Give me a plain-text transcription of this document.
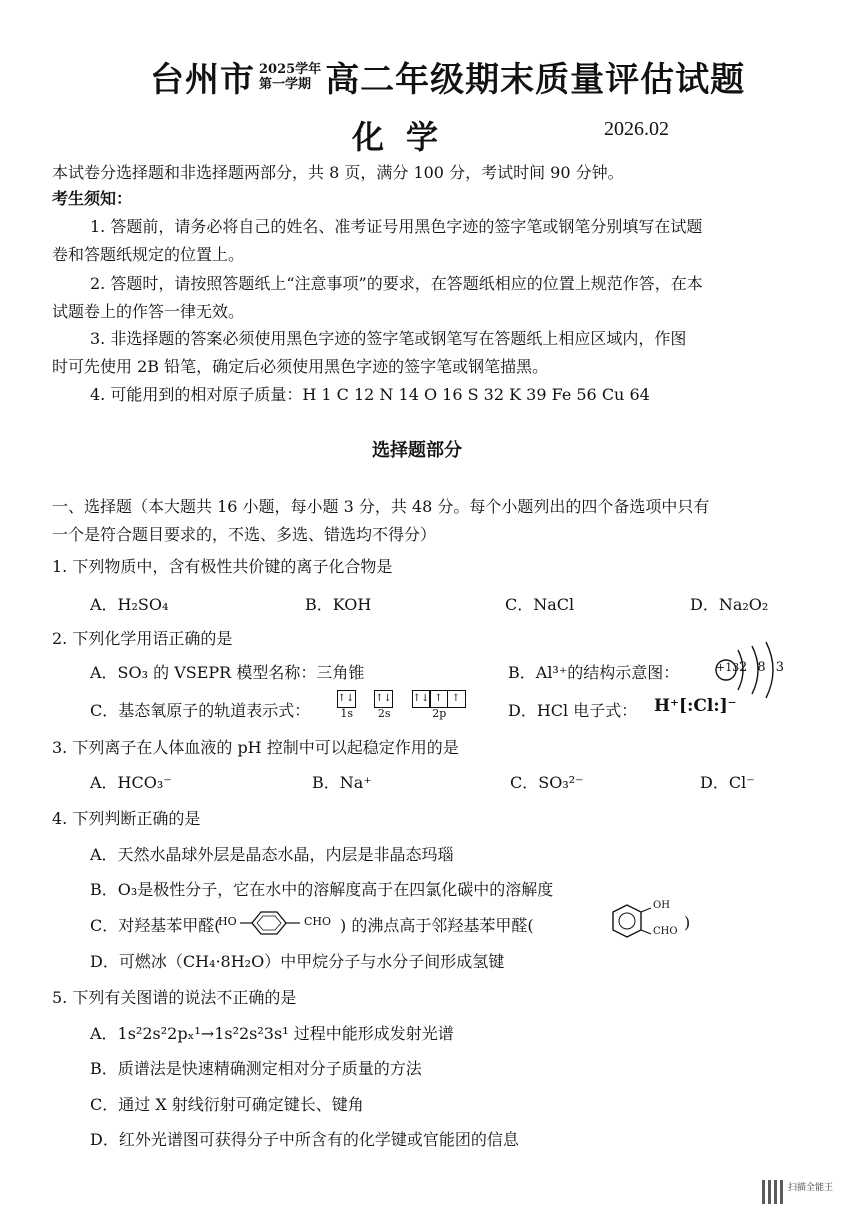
台州市 2025学年
第一学期 高二年级期末质量评估试题
化学	2026.02
本试卷分选择题和非选择题两部分，共 8 页，满分 100 分，考试时间 90 分钟。
考生须知：
1. 答题前，请务必将自己的姓名、准考证号用黑色字迹的签字笔或钢笔分别填写在试题
卷和答题纸规定的位置上。
2. 答题时，请按照答题纸上“注意事项”的要求，在答题纸相应的位置上规范作答，在本
试题卷上的作答一律无效。
3. 非选择题的答案必须使用黑色字迹的签字笔或钢笔写在答题纸上相应区域内，作图
时可先使用 2B 铅笔，确定后必须使用黑色字迹的签字笔或钢笔描黑。
4. 可能用到的相对原子质量：H 1 C 12 N 14 O 16 S 32 K 39 Fe 56 Cu 64
选择题部分
一、选择题（本大题共 16 小题，每小题 3 分，共 48 分。每个小题列出的四个备选项中只有
一个是符合题目要求的，不选、多选、错选均不得分）
1. 下列物质中，含有极性共价键的离子化合物是
A．H₂SO₄	B．KOH	C．NaCl	D．Na₂O₂
2. 下列化学用语正确的是
A．SO₃ 的 VSEPR 模型名称：三角锥	B．Al³⁺的结构示意图：	+13 2 8 3
C．基态氧原子的轨道表示式：
↑↓
1s
↑↓
2s
↑↓ ↑ ↑
2p	D．HCl 电子式： H⁺[:Cl:]⁻
3. 下列离子在人体血液的 pH 控制中可以起稳定作用的是
A．HCO₃⁻	B．Na⁺	C．SO₃²⁻	D．Cl⁻
4. 下列判断正确的是
A．天然水晶球外层是晶态水晶，内层是非晶态玛瑙
B．O₃是极性分子，它在水中的溶解度高于在四氯化碳中的溶解度
C．对羟基苯甲醛(
HO	CHO ) 的沸点高于邻羟基苯甲醛(
OH
CHO )
D．可燃冰（CH₄·8H₂O）中甲烷分子与水分子间形成氢键
5. 下列有关图谱的说法不正确的是
A．1s²2s²2pₓ¹→1s²2s²3s¹ 过程中能形成发射光谱
B．质谱法是快速精确测定相对分子质量的方法
C．通过 X 射线衍射可确定键长、键角
D．红外光谱图可获得分子中所含有的化学键或官能团的信息
扫描全能王
